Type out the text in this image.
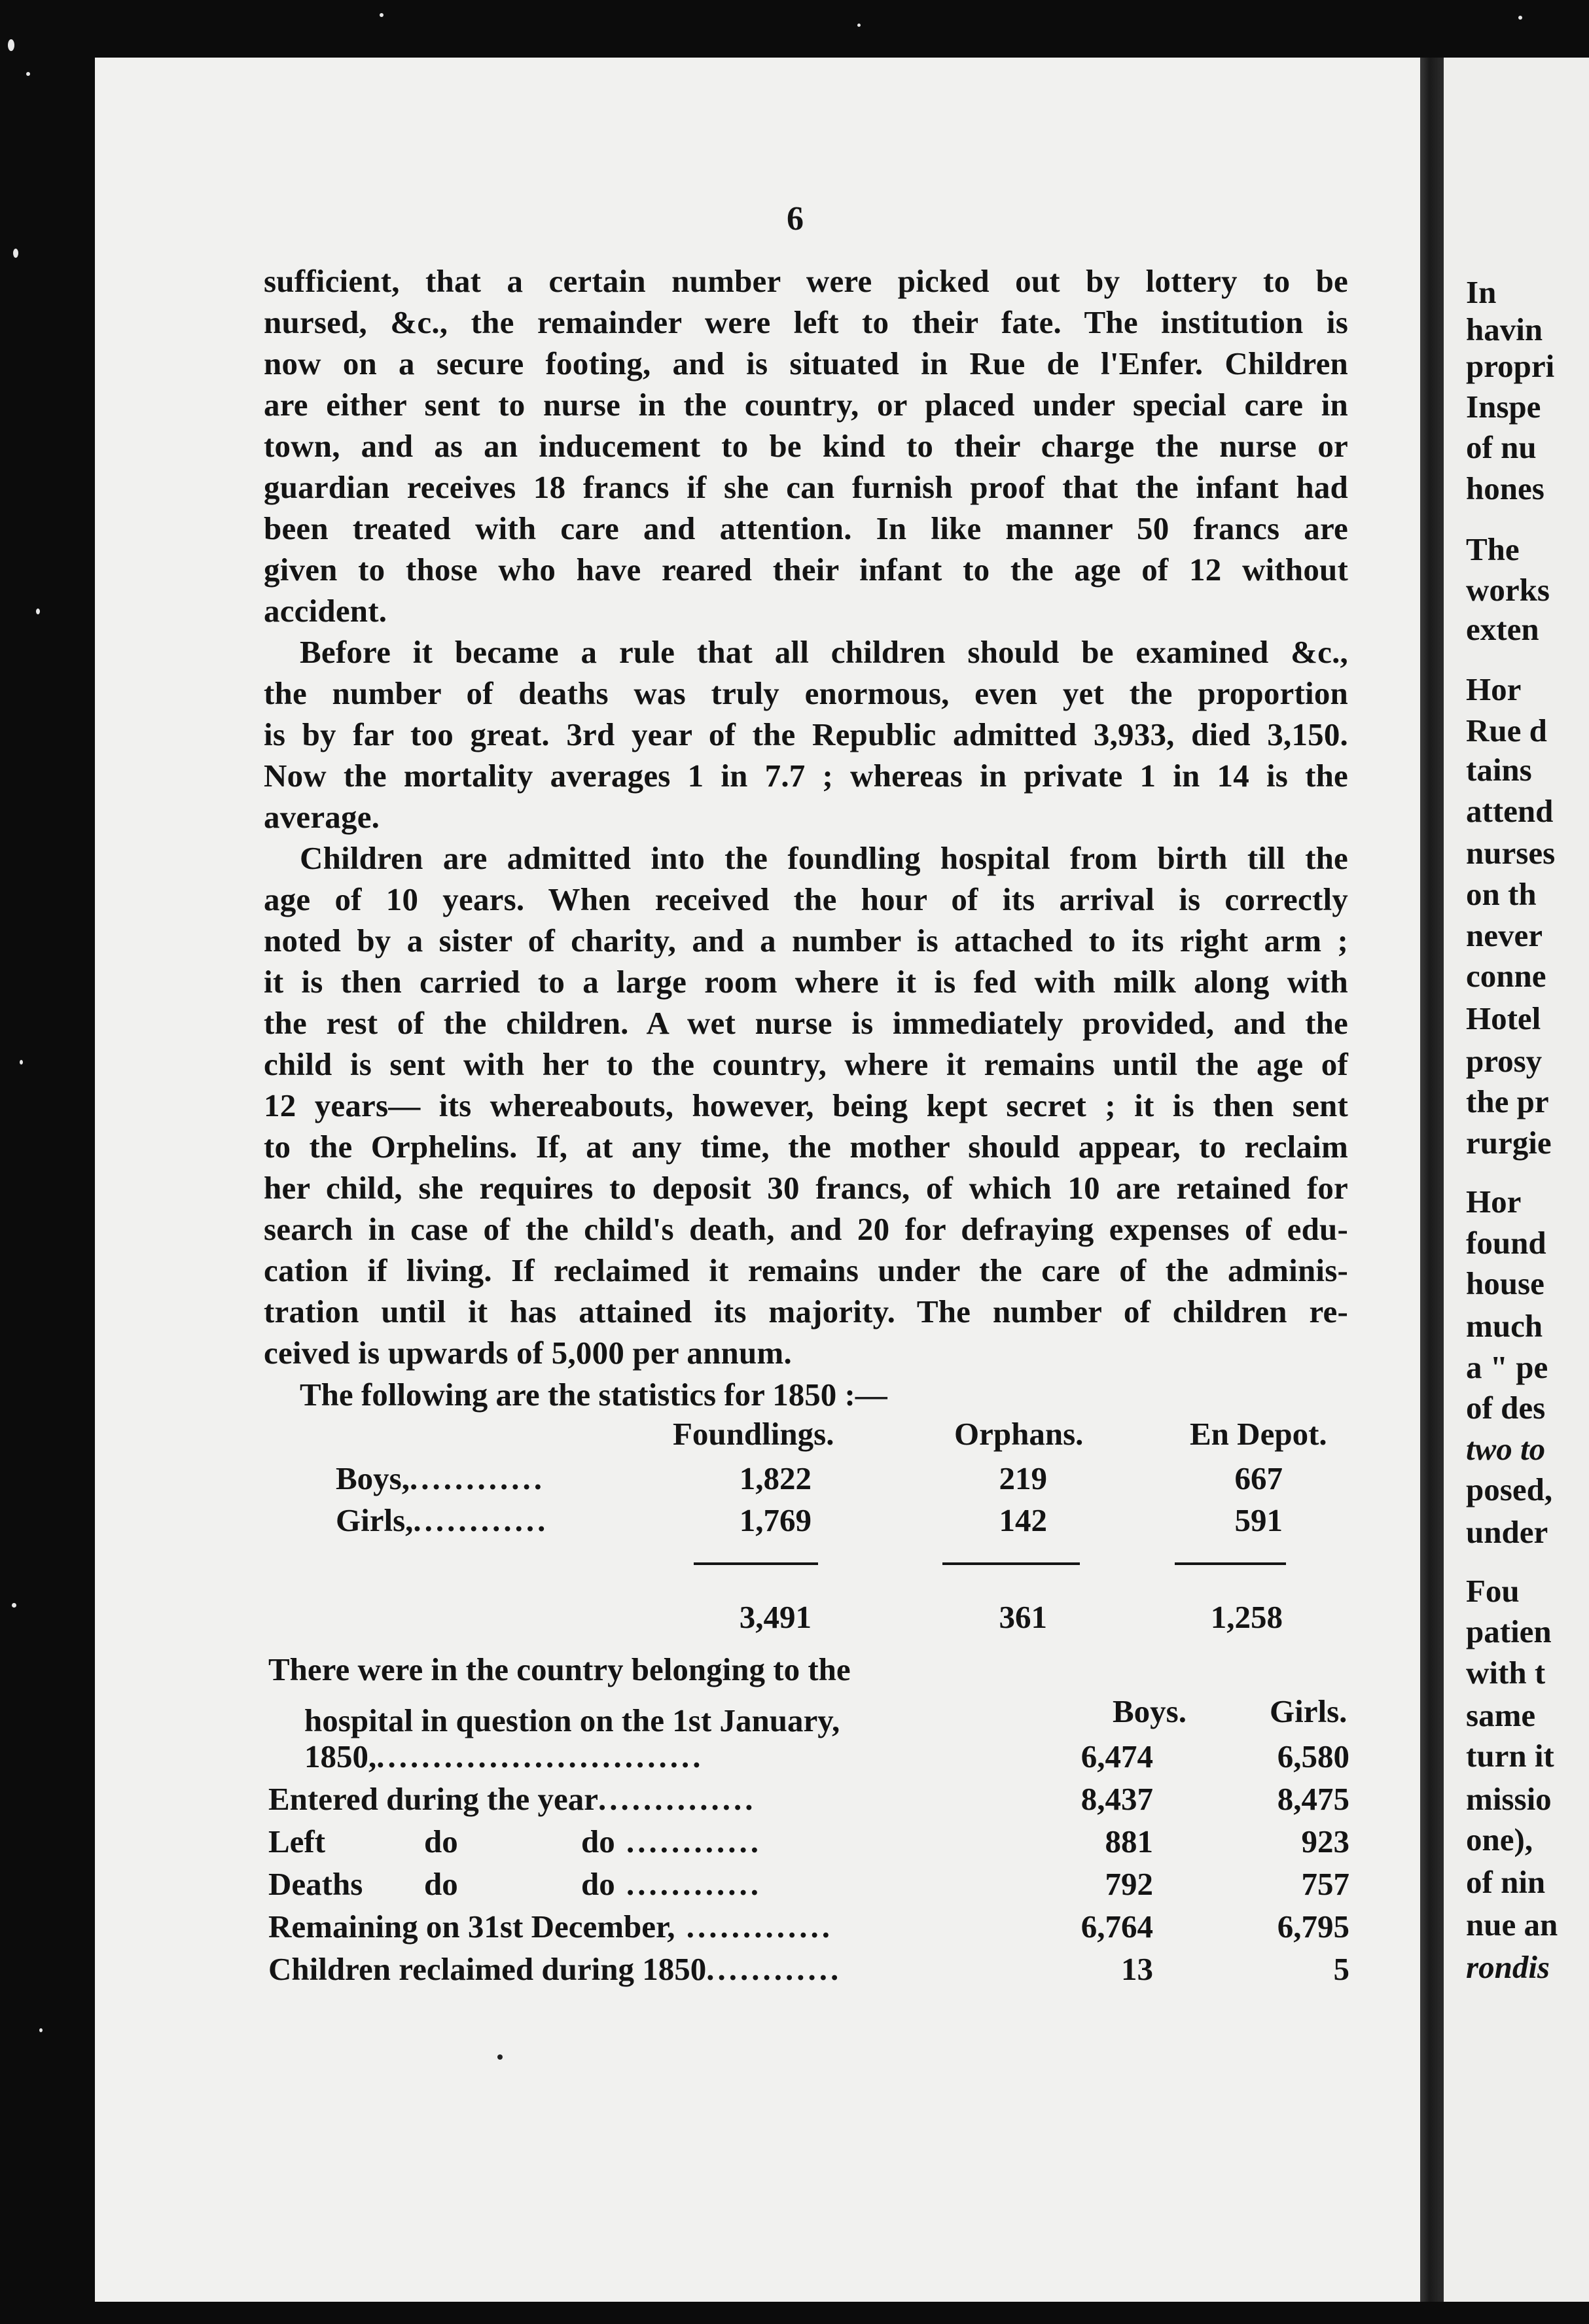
6
sufficient, that a certain number were picked out by lottery to be
nursed, &c., the remainder were left to their fate. The institution is
now on a secure footing, and is situated in Rue de l'Enfer. Children
are either sent to nurse in the country, or placed under special care in
town, and as an inducement to be kind to their charge the nurse or
guardian receives 18 francs if she can furnish proof that the infant had
been treated with care and attention. In like manner 50 francs are
given to those who have reared their infant to the age of 12 without
accident.
Before it became a rule that all children should be examined &c.,
the number of deaths was truly enormous, even yet the proportion
is by far too great. 3rd year of the Republic admitted 3,933, died 3,150.
Now the mortality averages 1 in 7.7 ; whereas in private 1 in 14 is the
average.
Children are admitted into the foundling hospital from birth till the
age of 10 years. When received the hour of its arrival is correctly
noted by a sister of charity, and a number is attached to its right arm ;
it is then carried to a large room where it is fed with milk along with
the rest of the children. A wet nurse is immediately provided, and the
child is sent with her to the country, where it remains until the age of
12 years— its whereabouts, however, being kept secret ; it is then sent
to the Orphelins. If, at any time, the mother should appear, to reclaim
her child, she requires to deposit 30 francs, of which 10 are retained for
search in case of the child's death, and 20 for defraying expenses of edu-
cation if living. If reclaimed it remains under the care of the adminis-
tration until it has attained its majority. The number of children re-
ceived is upwards of 5,000 per annum.
The following are the statistics for 1850 :—
Foundlings.	Orphans.	En Depot.
Boys,............	1,822	219	667
Girls,............	1,769	142	591
3,491	361	1,258
There were in the country belonging to the
hospital in question on the 1st January,	Boys.	Girls.
1850,.............................	6,474	6,580
Entered during the year..............	8,437	8,475
Left	do	do ............	881	923
Deaths do	do ............	792	757
Remaining on 31st December, .............	6,764	6,795
Children reclaimed during 1850............	13	5
In
havin
propri
Inspe
of nu
hones
The
works
exten
Hor
Rue d
tains
attend
nurses
on th
never
conne
Hotel
prosy
the pr
rurgie
Hor
found
house
much
a " pe
of des
two to
posed,
under
Fou
patien
with t
same
turn it
missio
one),
of nin
nue an
rondis
